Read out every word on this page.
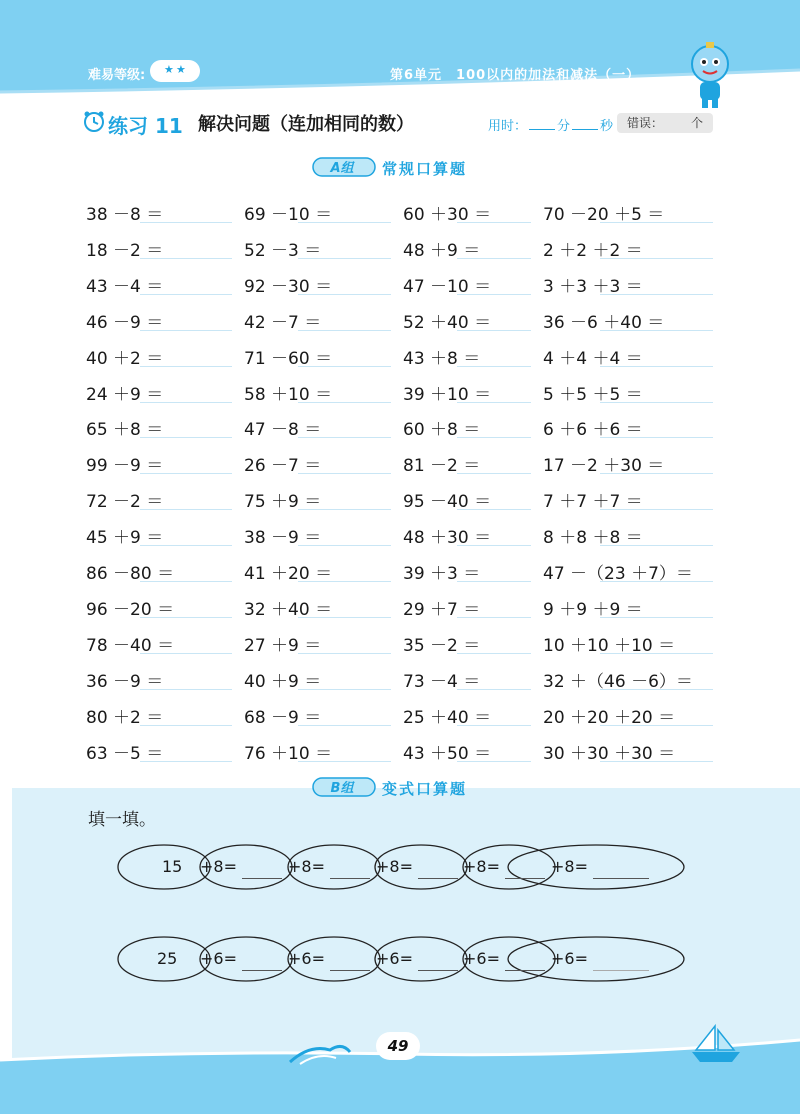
难易等级: ★ ★	第6单元　100以内的加法和减法（一）
练习 11 解决问题（连加相同的数）	用时： 分 秒 错误： 个
A组 常规口算题
38 －8 ＝	69 －10 ＝	60 ＋30 ＝	70 －20 ＋5 ＝
18 －2 ＝	52 －3 ＝	48 ＋9 ＝	2 ＋2 ＋2 ＝
43 －4 ＝	92 －30 ＝	47 －10 ＝	3 ＋3 ＋3 ＝
46 －9 ＝	42 －7 ＝	52 ＋40 ＝	36 －6 ＋40 ＝
40 ＋2 ＝	71 －60 ＝	43 ＋8 ＝	4 ＋4 ＋4 ＝
24 ＋9 ＝	58 ＋10 ＝	39 ＋10 ＝	5 ＋5 ＋5 ＝
65 ＋8 ＝	47 －8 ＝	60 ＋8 ＝	6 ＋6 ＋6 ＝
99 －9 ＝	26 －7 ＝	81 －2 ＝	17 －2 ＋30 ＝
72 －2 ＝	75 ＋9 ＝	95 －40 ＝	7 ＋7 ＋7 ＝
45 ＋9 ＝	38 －9 ＝	48 ＋30 ＝	8 ＋8 ＋8 ＝
86 －80 ＝	41 ＋20 ＝	39 ＋3 ＝	47 －（23 ＋7）＝
96 －20 ＝	32 ＋40 ＝	29 ＋7 ＝	9 ＋9 ＋9 ＝
78 －40 ＝	27 ＋9 ＝	35 －2 ＝	10 ＋10 ＋10 ＝
36 －9 ＝	40 ＋9 ＝	73 －4 ＝	32 ＋（46 －6）＝
80 ＋2 ＝	68 －9 ＝	25 ＋40 ＝	20 ＋20 ＋20 ＝
63 －5 ＝	76 ＋10 ＝	43 ＋50 ＝	30 ＋30 ＋30 ＝
B组 变式口算题
填一填。
15 +8=	+8=	+8=	+8=	+8=
25 +6=	+6=	+6=	+6=	+6=
49
